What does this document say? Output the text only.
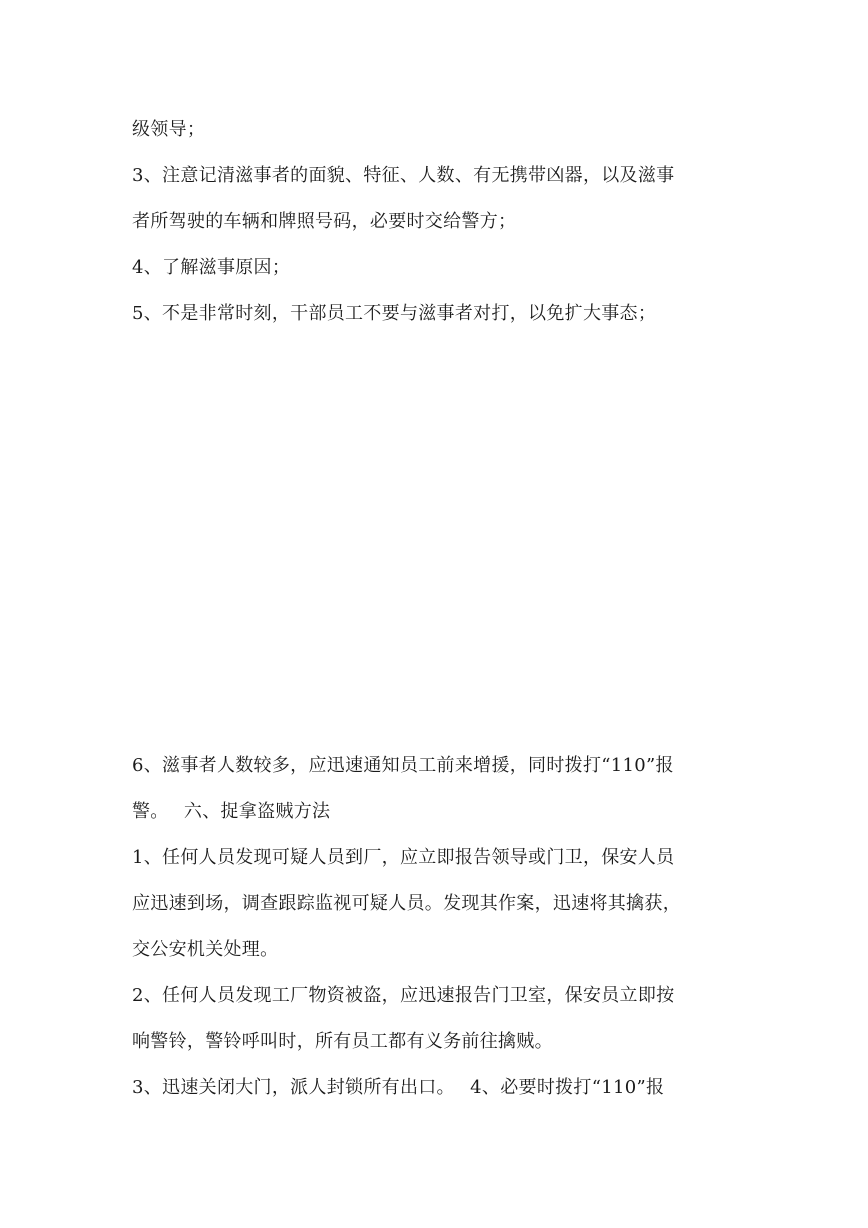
级领导；
3、注意记清滋事者的面貌、特征、人数、有无携带凶器，以及滋事
者所驾驶的车辆和牌照号码，必要时交给警方；
4、了解滋事原因；
5、不是非常时刻，干部员工不要与滋事者对打，以免扩大事态；
6、滋事者人数较多，应迅速通知员工前来增援，同时拨打“110”报
警。　 六、捉拿盗贼方法
1、任何人员发现可疑人员到厂，应立即报告领导或门卫，保安人员
应迅速到场，调查跟踪监视可疑人员。发现其作案，迅速将其擒获，
交公安机关处理。
2、任何人员发现工厂物资被盗，应迅速报告门卫室，保安员立即按
响警铃，警铃呼叫时，所有员工都有义务前往擒贼。
3、迅速关闭大门，派人封锁所有出口。　 4、必要时拨打“110”报
